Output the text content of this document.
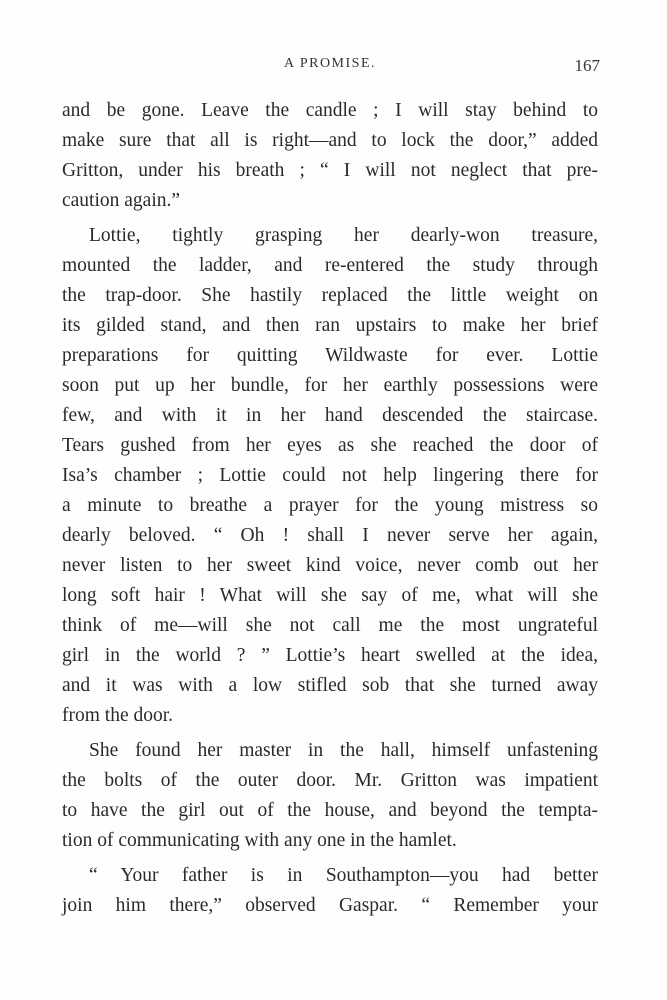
A PROMISE.	167
and be gone. Leave the candle ; I will stay behind to
make sure that all is right—and to lock the door,” added
Gritton, under his breath ; “ I will not neglect that pre-
caution again.”
Lottie, tightly grasping her dearly-won treasure,
mounted the ladder, and re-entered the study through
the trap-door. She hastily replaced the little weight on
its gilded stand, and then ran upstairs to make her brief
preparations for quitting Wildwaste for ever. Lottie
soon put up her bundle, for her earthly possessions were
few, and with it in her hand descended the staircase.
Tears gushed from her eyes as she reached the door of
Isa’s chamber ; Lottie could not help lingering there for
a minute to breathe a prayer for the young mistress so
dearly beloved. “ Oh ! shall I never serve her again,
never listen to her sweet kind voice, never comb out her
long soft hair ! What will she say of me, what will she
think of me—will she not call me the most ungrateful
girl in the world ? ” Lottie’s heart swelled at the idea,
and it was with a low stifled sob that she turned away
from the door.
She found her master in the hall, himself unfastening
the bolts of the outer door. Mr. Gritton was impatient
to have the girl out of the house, and beyond the tempta-
tion of communicating with any one in the hamlet.
“ Your father is in Southampton—you had better
join him there,” observed Gaspar. “ Remember your
